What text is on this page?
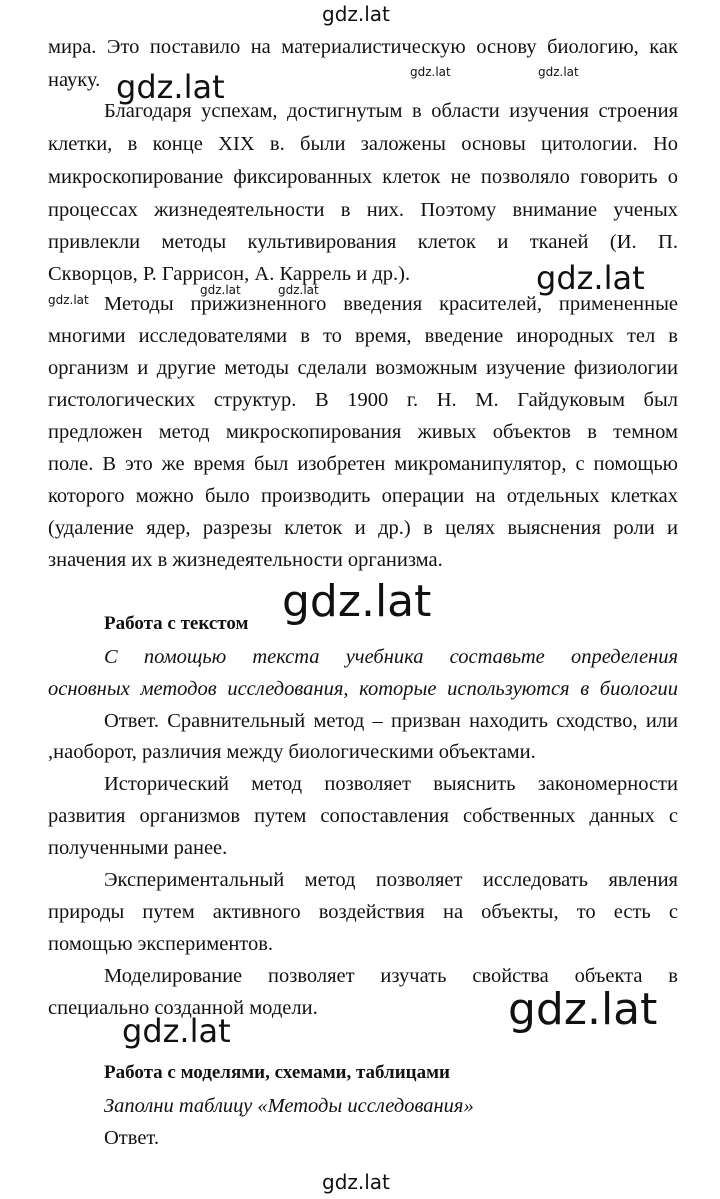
мира. Это поставило на материалистическую основу биологию, как
науку.
Благодаря успехам, достигнутым в области изучения строения
клетки, в конце XIX в. были заложены основы цитологии. Но
микроскопирование фиксированных клеток не позволяло говорить о
процессах жизнедеятельности в них. Поэтому внимание ученых
привлекли методы культивирования клеток и тканей (И. П.
Скворцов, Р. Гаррисон, А. Каррель и др.).
Методы прижизненного введения красителей, примененные
многими исследователями в то время, введение инородных тел в
организм и другие методы сделали возможным изучение физиологии
гистологических структур. В 1900 г. Н. М. Гайдуковым был
предложен метод микроскопирования живых объектов в темном
поле. В это же время был изобретен микроманипулятор, с помощью
которого можно было производить операции на отдельных клетках
(удаление ядер, разрезы клеток и др.) в целях выяснения роли и
значения их в жизнедеятельности организма.
Работа с текстом
С помощью текста учебника составьте определения
основных методов исследования, которые используются в биологии
Ответ. Сравнительный метод – призван находить сходство, или
,наоборот, различия между биологическими объектами.
Исторический метод позволяет выяснить закономерности
развития организмов путем сопоставления собственных данных с
полученными ранее.
Экспериментальный метод позволяет исследовать явления
природы путем активного воздействия на объекты, то есть с
помощью экспериментов.
Моделирование позволяет изучать свойства объекта в
специально созданной модели.
Работа с моделями, схемами, таблицами
Заполни таблицу «Методы исследования»
Ответ.
gdz.lat
gdz.lat	gdz.lat	gdz.lat
gdz.lat
gdz.lat
gdz.lat	gdz.lat
gdz.lat
gdz.lat
gdz.lat
gdz.lat
